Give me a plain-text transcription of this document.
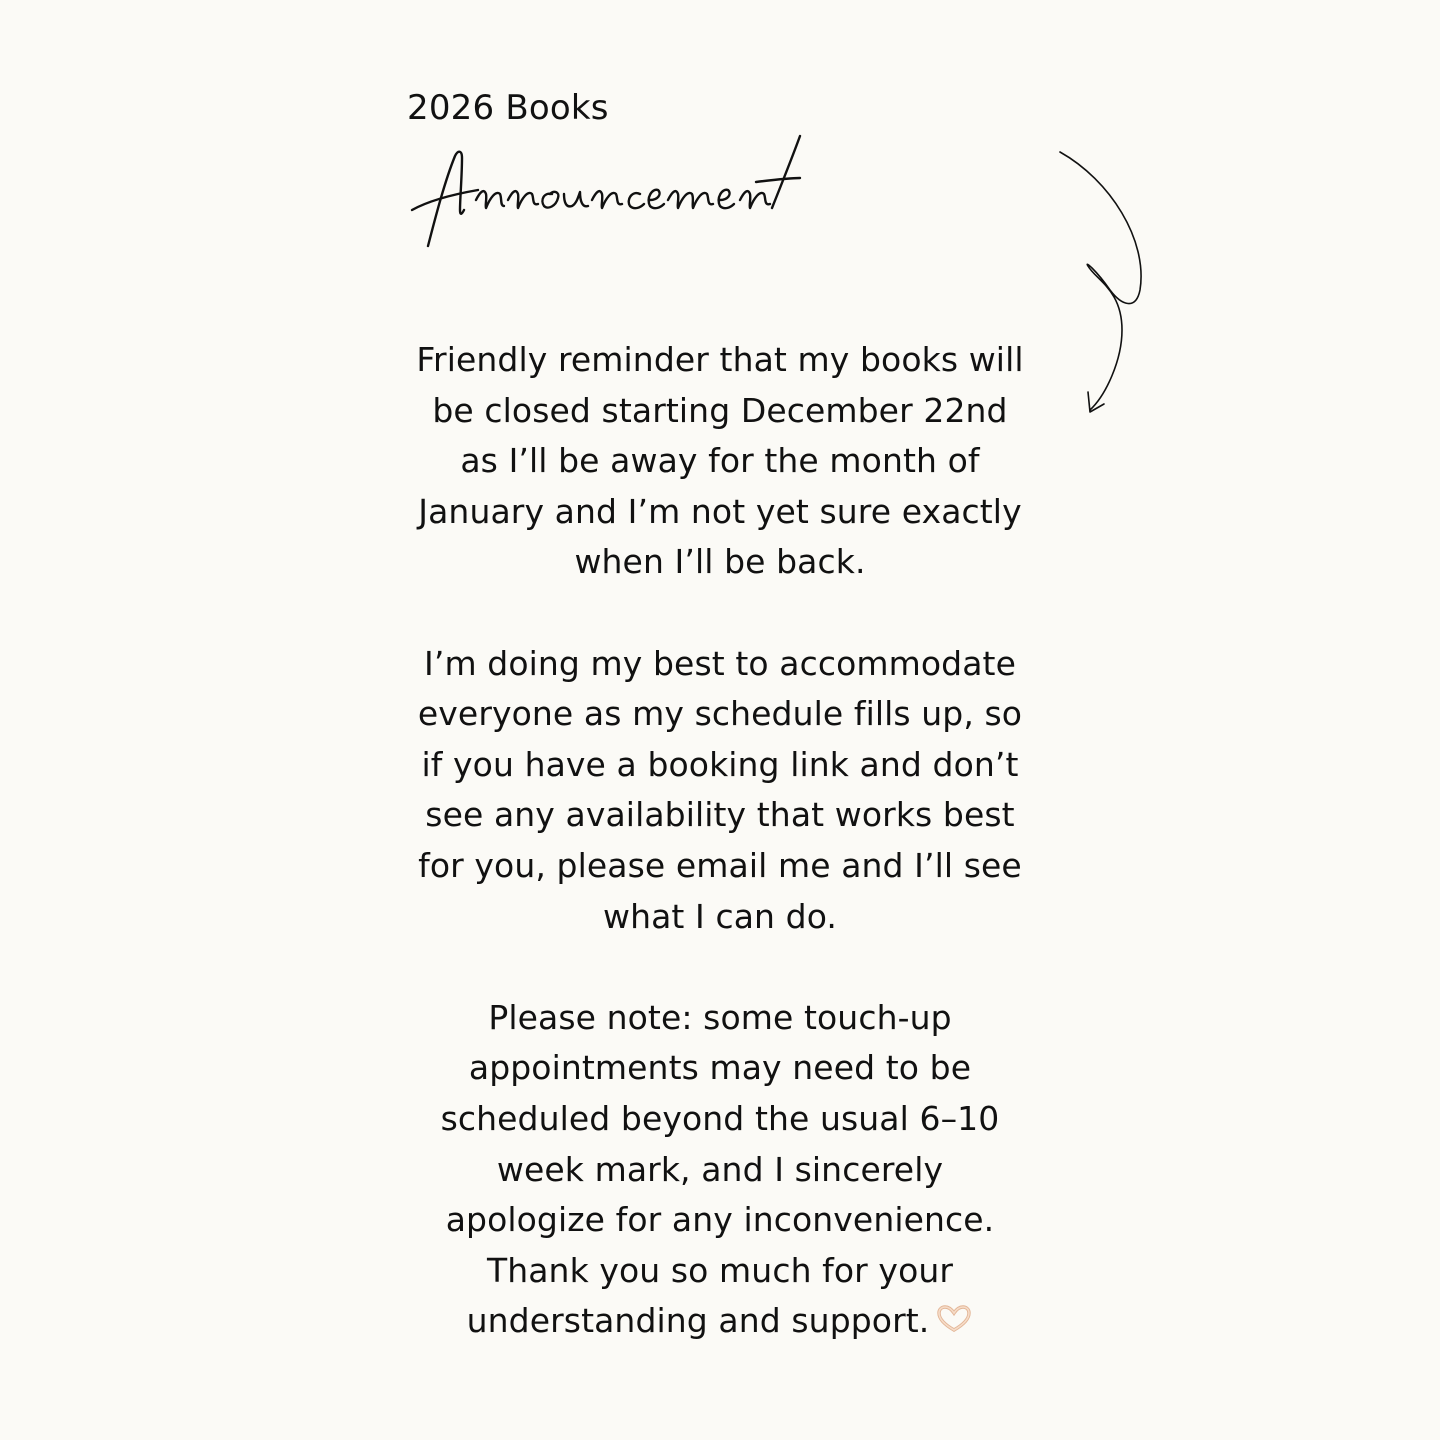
2026 Books

Friendly reminder that my books will
be closed starting December 22nd
as I’ll be away for the month of
January and I’m not yet sure exactly
when I’ll be back.

I’m doing my best to accommodate
everyone as my schedule fills up, so
if you have a booking link and don’t
see any availability that works best
for you, please email me and I’ll see
what I can do.

Please note: some touch-up
appointments may need to be
scheduled beyond the usual 6–10
week mark, and I sincerely
apologize for any inconvenience.
Thank you so much for your
understanding and support.
